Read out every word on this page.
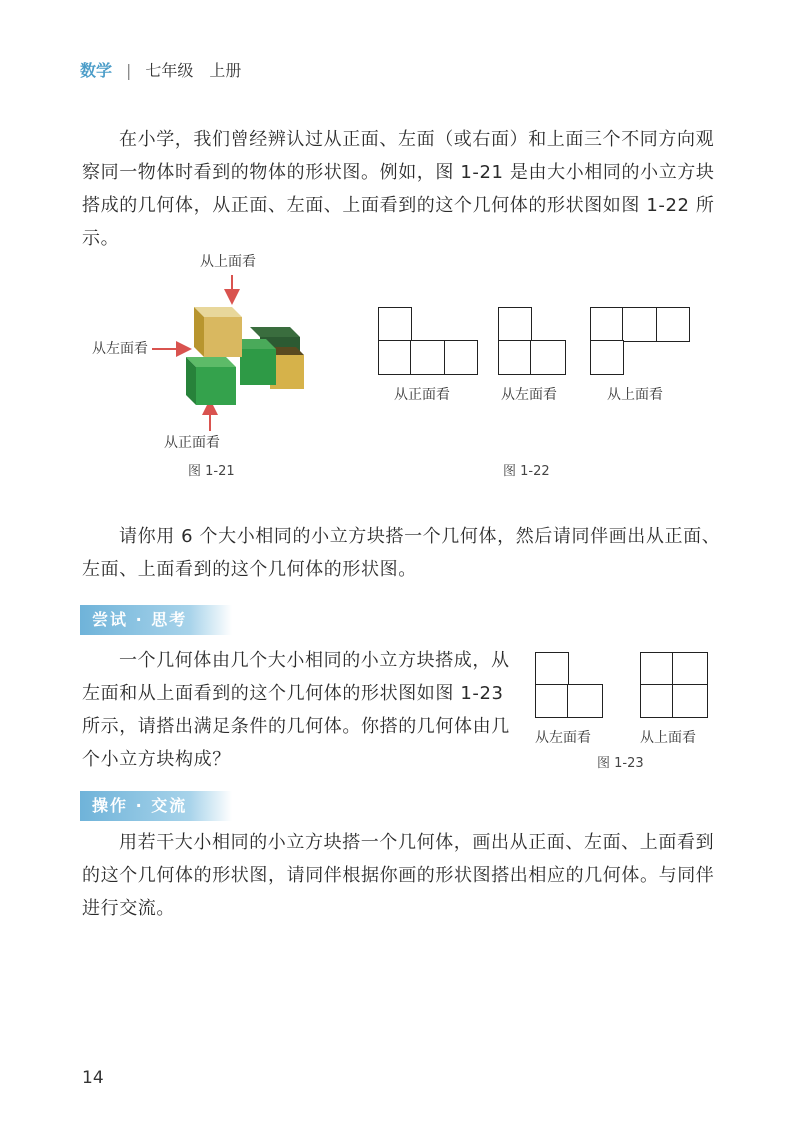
数学 | 七年级　上册
在小学，我们曾经辨认过从正面、左面（或右面）和上面三个不同方向观察同一物体时看到的物体的形状图。例如，图 1-21 是由大小相同的小立方块搭成的几何体，从正面、左面、上面看到的这个几何体的形状图如图 1-22 所示。
从上面看
从左面看
从正面看
图 1-21
从正面看	从左面看	从上面看
图 1-22
请你用 6 个大小相同的小立方块搭一个几何体，然后请同伴画出从正面、左面、上面看到的这个几何体的形状图。
尝试 · 思考
一个几何体由几个大小相同的小立方块搭成，从左面和从上面看到的这个几何体的形状图如图 1-23 所示，请搭出满足条件的几何体。你搭的几何体由几个小立方块构成？
从左面看	从上面看
图 1-23
操作 · 交流
用若干大小相同的小立方块搭一个几何体，画出从正面、左面、上面看到的这个几何体的形状图，请同伴根据你画的形状图搭出相应的几何体。与同伴进行交流。
14
